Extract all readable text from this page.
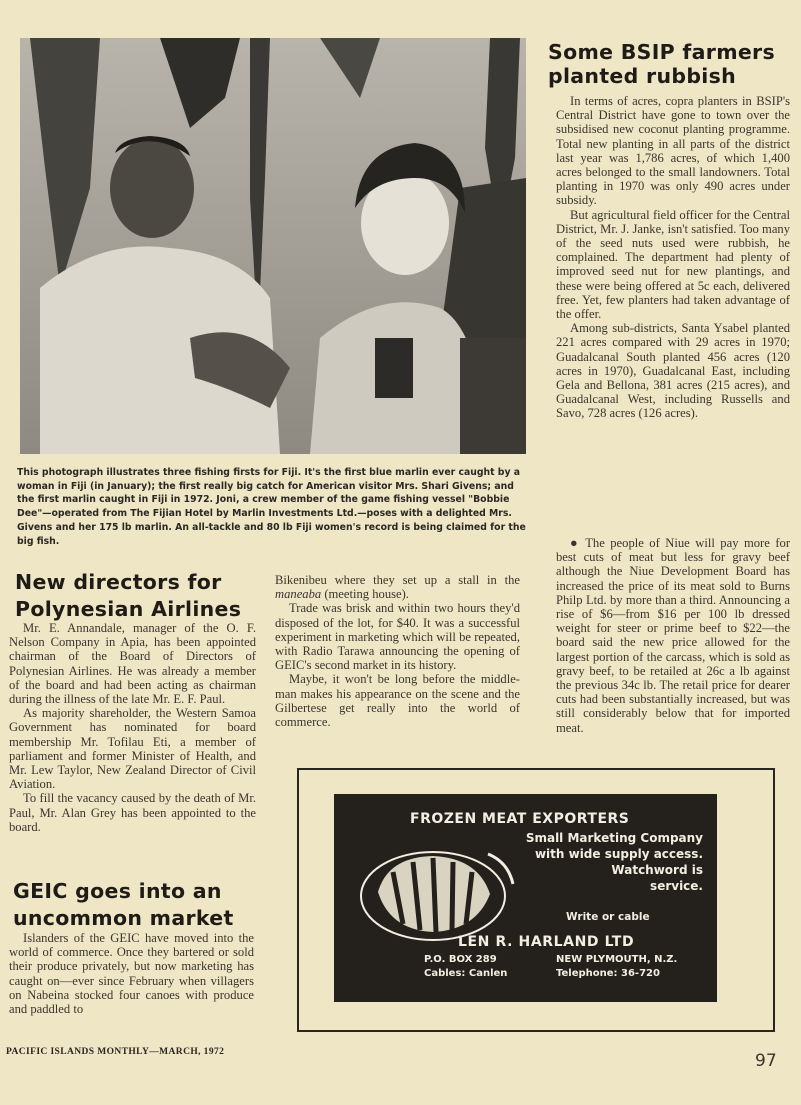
This photograph illustrates three fishing firsts for Fiji. It's the first blue marlin ever caught by a woman in Fiji (in January); the first really big catch for American visitor Mrs. Shari Givens; and the first marlin caught in Fiji in 1972. Joni, a crew member of the game fishing vessel "Bobbie Dee"—operated from The Fijian Hotel by Marlin Investments Ltd.—poses with a delighted Mrs. Givens and her 175 lb marlin. An all-tackle and 80 lb Fiji women's record is being claimed for the big fish.

Some BSIP farmers
planted rubbish

In terms of acres, copra planters in BSIP's Central District have gone to town over the subsidised new coconut planting programme. Total new planting in all parts of the district last year was 1,786 acres, of which 1,400 acres belonged to the small landowners. Total planting in 1970 was only 490 acres under subsidy.

But agricultural field officer for the Central District, Mr. J. Janke, isn't satisfied. Too many of the seed nuts used were rubbish, he complained. The department had plenty of improved seed nut for new plantings, and these were being offered at 5c each, delivered free. Yet, few planters had taken advantage of the offer.

Among sub-districts, Santa Ysabel planted 221 acres compared with 29 acres in 1970; Guadalcanal South planted 456 acres (120 acres in 1970), Guadalcanal East, including Gela and Bellona, 381 acres (215 acres), and Guadalcanal West, including Russells and Savo, 728 acres (126 acres).

● The people of Niue will pay more for best cuts of meat but less for gravy beef although the Niue Development Board has increased the price of its meat sold to Burns Philp Ltd. by more than a third. Announcing a rise of $6—from $16 per 100 lb dressed weight for steer or prime beef to $22—the board said the new price allowed for the largest portion of the carcass, which is sold as gravy beef, to be retailed at 26c a lb against the previous 34c lb. The retail price for dearer cuts had been substantially increased, but was still considerably below that for imported meat.

New directors for
Polynesian Airlines

Mr. E. Annandale, manager of the O. F. Nelson Company in Apia, has been appointed chairman of the Board of Directors of Polynesian Airlines. He was already a member of the board and had been acting as chairman during the illness of the late Mr. E. F. Paul.

As majority shareholder, the Western Samoa Government has nominated for board membership Mr. Tofilau Eti, a member of parliament and former Minister of Health, and Mr. Lew Taylor, New Zealand Director of Civil Aviation.

To fill the vacancy caused by the death of Mr. Paul, Mr. Alan Grey has been appointed to the board.

GEIC goes into an
uncommon market

Islanders of the GEIC have moved into the world of commerce. Once they bartered or sold their produce privately, but now marketing has caught on—ever since February when villagers on Nabeina stocked four canoes with produce and paddled to

Bikenibeu where they set up a stall in the maneaba (meeting house).

Trade was brisk and within two hours they'd disposed of the lot, for $40. It was a successful experiment in marketing which will be repeated, with Radio Tarawa announcing the opening of GEIC's second market in its history.

Maybe, it won't be long before the middle-man makes his appearance on the scene and the Gilbertese get really into the world of commerce.

FROZEN MEAT EXPORTERS
Small Marketing Company
with wide supply access.
Watchword is
service.
Write or cable
LEN R. HARLAND LTD
P.O. BOX 289
Cables: Canlen
NEW PLYMOUTH, N.Z.
Telephone: 36-720
PACIFIC ISLANDS MONTHLY—MARCH, 1972	97
